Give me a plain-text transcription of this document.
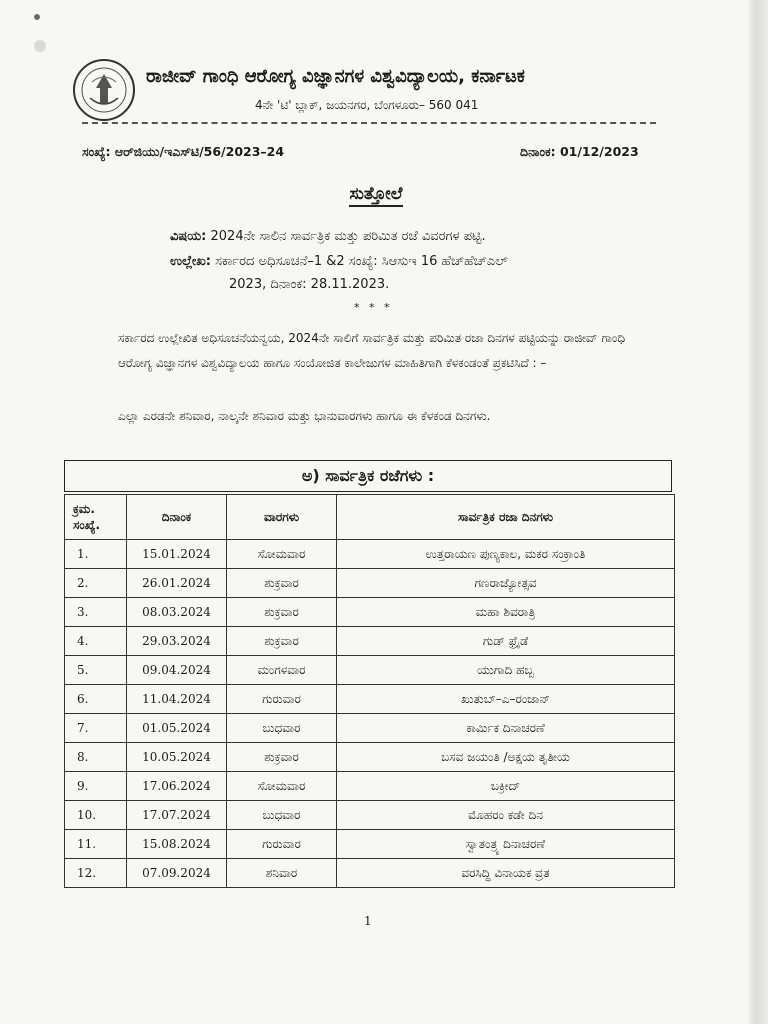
ರಾಜೀವ್ ಗಾಂಧಿ ಆರೋಗ್ಯ ವಿಜ್ಞಾನಗಳ ವಿಶ್ವವಿದ್ಯಾಲಯ, ಕರ್ನಾಟಕ
4ನೇ 'ಟಿ' ಬ್ಲಾಕ್, ಜಯನಗರ, ಬೆಂಗಳೂರು– 560 041
ಸಂಖ್ಯೆ: ಆರ್‌ಜಿಯು/ಇಎಸ್‌ಟಿ/56/2023–24	ದಿನಾಂಕ: 01/12/2023
ಸುತ್ತೋಲೆ
ವಿಷಯ: 2024ನೇ ಸಾಲಿನ ಸಾರ್ವತ್ರಿಕ ಮತ್ತು ಪರಿಮಿತ ರಜೆ ವಿವರಗಳ ಪಟ್ಟಿ.
ಉಲ್ಲೇಖ: ಸರ್ಕಾರದ ಅಧಿಸೂಚನೆ–1 &2 ಸಂಖ್ಯೆ: ಸಿಆಸುಇ 16 ಹೆಚ್‌ಹೆಚ್‌ಎಲ್
2023, ದಿನಾಂಕ: 28.11.2023.
* * *

ಸರ್ಕಾರದ ಉಲ್ಲೇಖಿತ ಅಧಿಸೂಚನೆಯನ್ವಯ, 2024ನೇ ಸಾಲಿಗೆ ಸಾರ್ವತ್ರಿಕ ಮತ್ತು ಪರಿಮಿತ ರಜಾ ದಿನಗಳ ಪಟ್ಟಿಯನ್ನು ರಾಜೀವ್ ಗಾಂಧಿ ಆರೋಗ್ಯ ವಿಜ್ಞಾನಗಳ ವಿಶ್ವವಿದ್ಯಾಲಯ ಹಾಗೂ ಸಂಯೋಜಿತ ಕಾಲೇಜುಗಳ ಮಾಹಿತಿಗಾಗಿ ಕೆಳಕಂಡಂತೆ ಪ್ರಕಟಿಸಿದೆ : –

ಎಲ್ಲಾ ಎರಡನೇ ಶನಿವಾರ, ನಾಲ್ಕನೇ ಶನಿವಾರ ಮತ್ತು ಭಾನುವಾರಗಳು ಹಾಗೂ ಈ ಕೆಳಕಂಡ ದಿನಗಳು.

ಅ) ಸಾರ್ವತ್ರಿಕ ರಜೆಗಳು :
ಕ್ರಮ.
ಸಂಖ್ಯೆ.	ದಿನಾಂಕ	ವಾರಗಳು	ಸಾರ್ವತ್ರಿಕ ರಜಾ ದಿನಗಳು
1.	15.01.2024	ಸೋಮವಾರ	ಉತ್ತರಾಯಣ ಪುಣ್ಯಕಾಲ, ಮಕರ ಸಂಕ್ರಾಂತಿ
2.	26.01.2024	ಶುಕ್ರವಾರ	ಗಣರಾಜ್ಯೋತ್ಸವ
3.	08.03.2024	ಶುಕ್ರವಾರ	ಮಹಾ ಶಿವರಾತ್ರಿ
4.	29.03.2024	ಶುಕ್ರವಾರ	ಗುಡ್ ಫ್ರೈಡೆ
5.	09.04.2024	ಮಂಗಳವಾರ	ಯುಗಾದಿ ಹಬ್ಬ
6.	11.04.2024	ಗುರುವಾರ	ಖುತುಬ್–ಎ–ರಂಜಾನ್
7.	01.05.2024	ಬುಧವಾರ	ಕಾರ್ಮಿಕ ದಿನಾಚರಣೆ
8.	10.05.2024	ಶುಕ್ರವಾರ	ಬಸವ ಜಯಂತಿ /ಅಕ್ಷಯ ತೃತೀಯ
9.	17.06.2024	ಸೋಮವಾರ	ಬಕ್ರೀದ್
10.	17.07.2024	ಬುಧವಾರ	ಮೊಹರಂ ಕಡೇ ದಿನ
11.	15.08.2024	ಗುರುವಾರ	ಸ್ವಾತಂತ್ರ್ಯ ದಿನಾಚರಣೆ
12.	07.09.2024	ಶನಿವಾರ	ವರಸಿದ್ಧಿ ವಿನಾಯಕ ವ್ರತ
1
